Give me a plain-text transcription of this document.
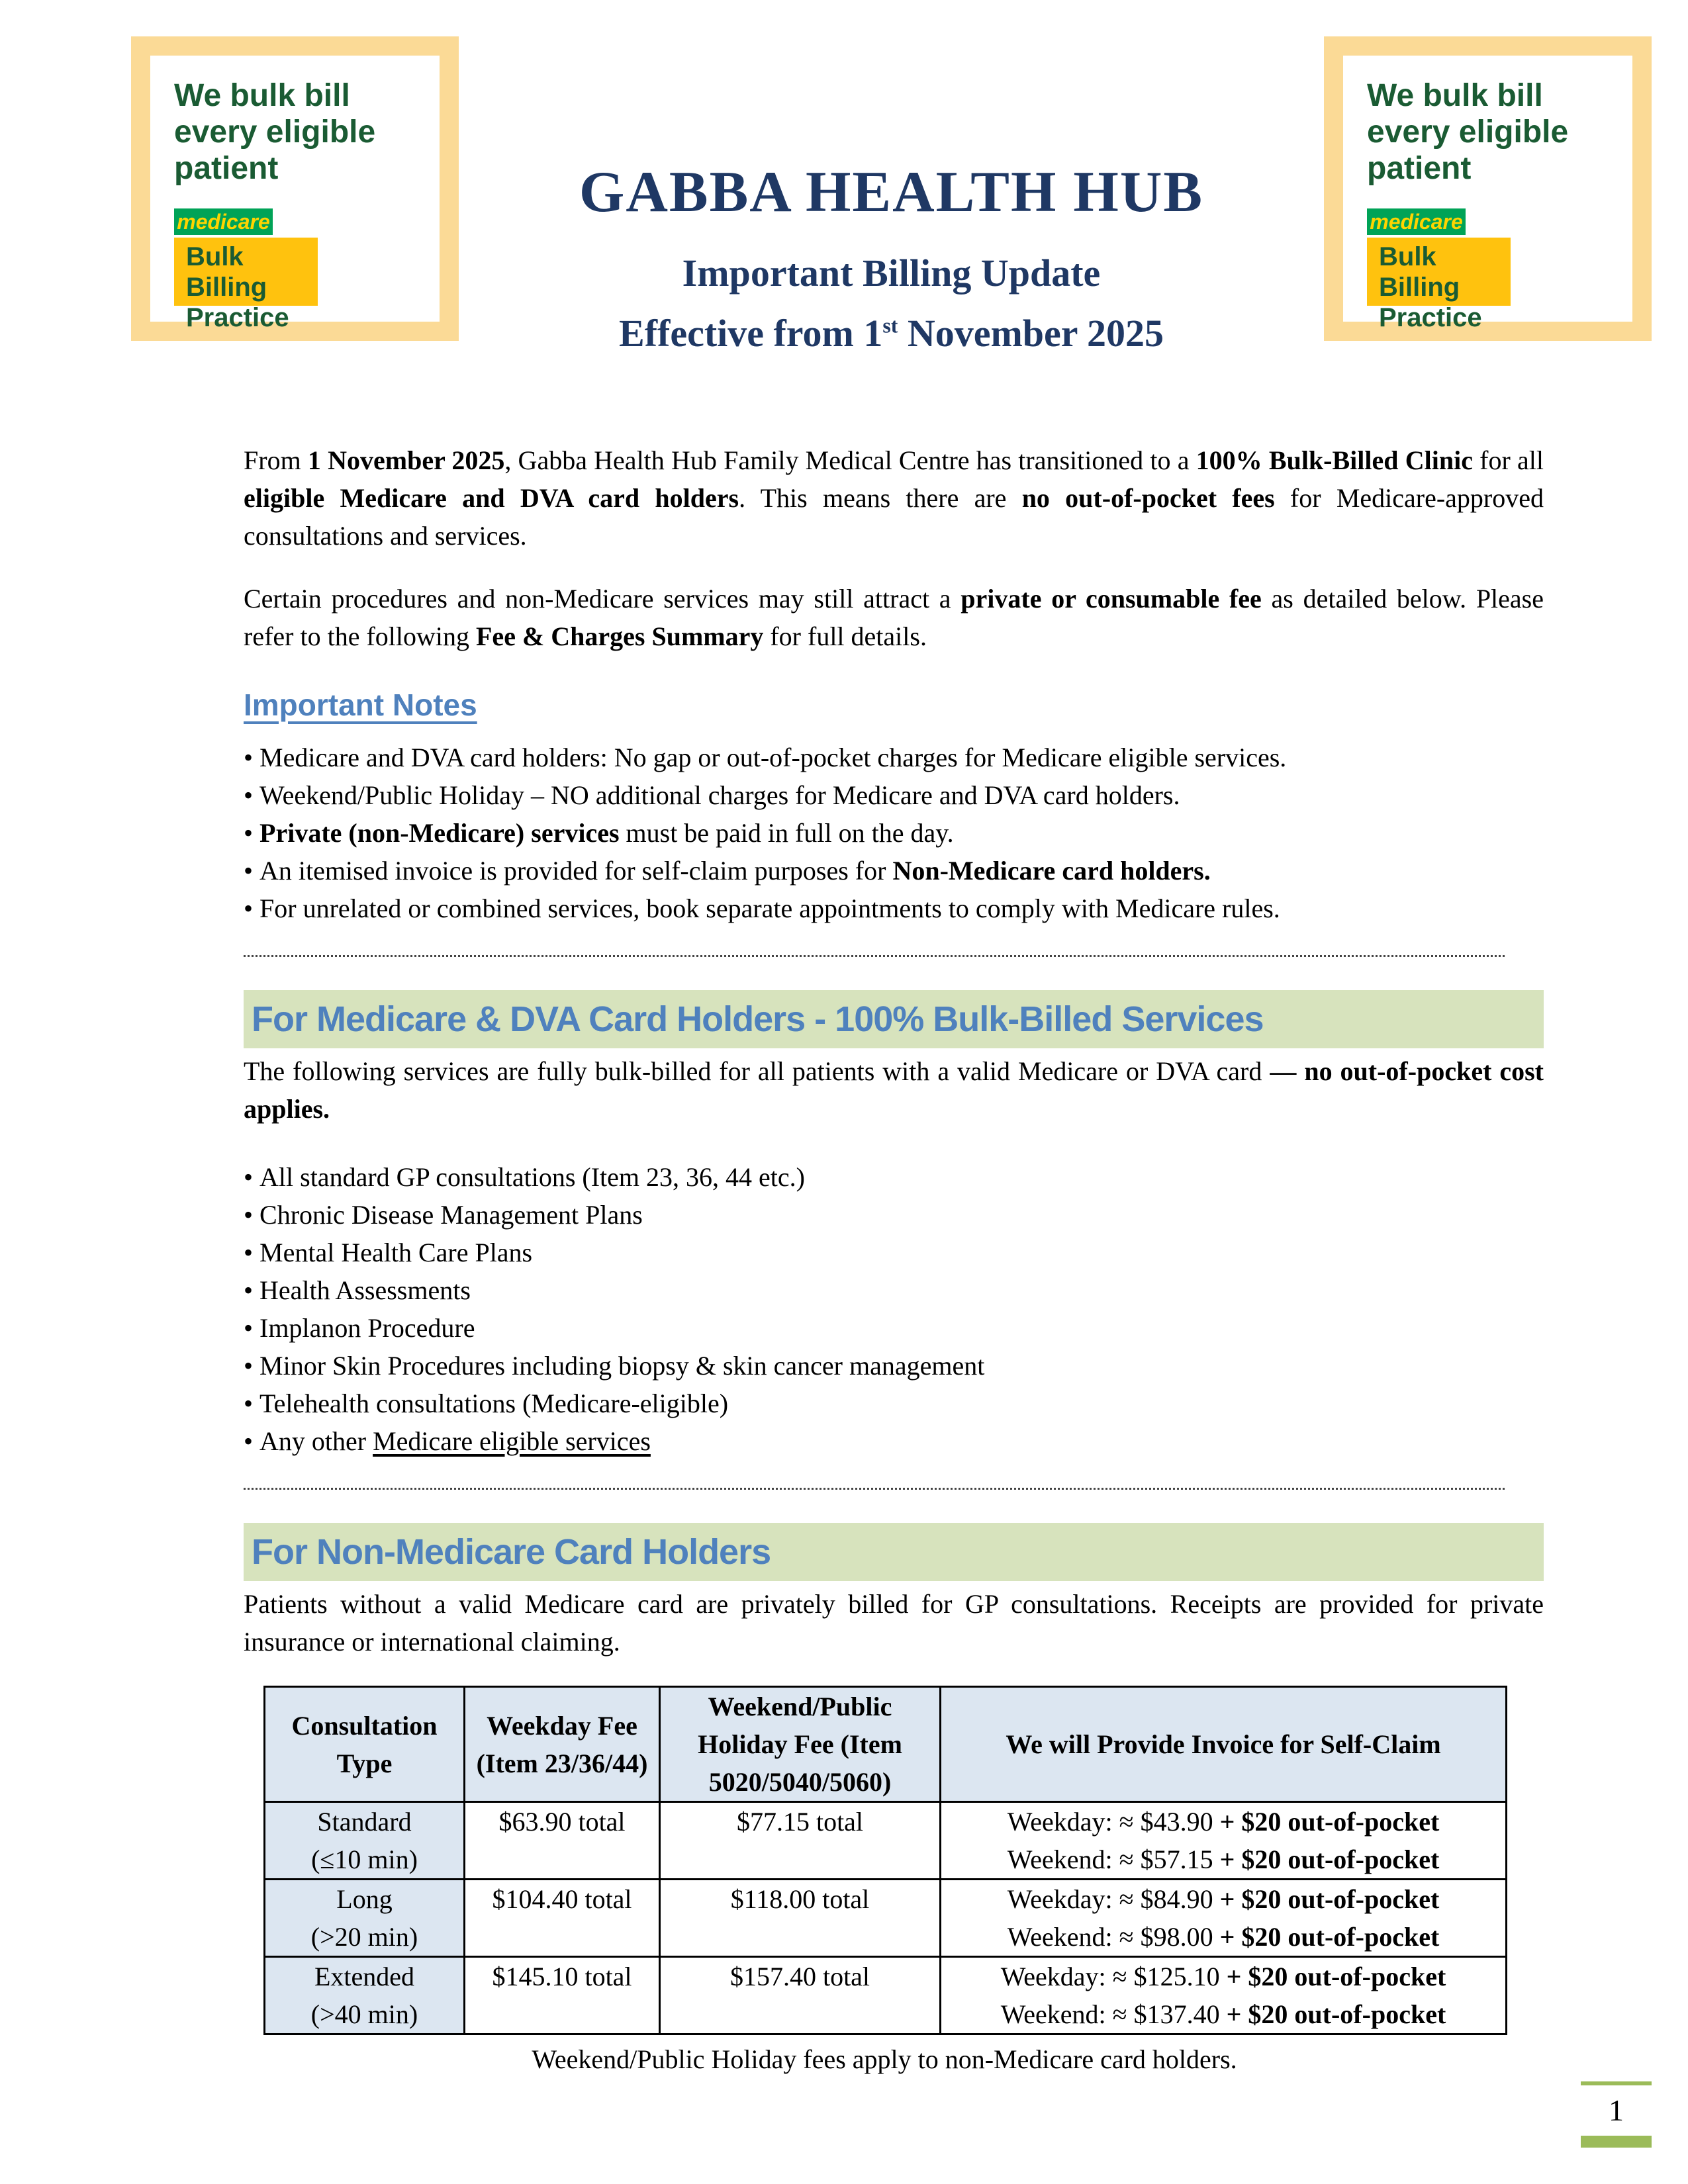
We bulk bill every eligible patient
medicare
Bulk Billing Practice
GABBA HEALTH HUB
Important Billing Update
Effective from 1st November 2025
We bulk bill every eligible patient
medicare
Bulk Billing Practice

From 1 November 2025, Gabba Health Hub Family Medical Centre has transitioned to a 100% Bulk-Billed Clinic for all eligible Medicare and DVA card holders. This means there are no out-of-pocket fees for Medicare-approved consultations and services.

Certain procedures and non-Medicare services may still attract a private or consumable fee as detailed below. Please refer to the following Fee & Charges Summary for full details.

Important Notes
• Medicare and DVA card holders: No gap or out-of-pocket charges for Medicare eligible services.
• Weekend/Public Holiday – NO additional charges for Medicare and DVA card holders.
• Private (non-Medicare) services must be paid in full on the day.
• An itemised invoice is provided for self-claim purposes for Non-Medicare card holders.
• For unrelated or combined services, book separate appointments to comply with Medicare rules.
For Medicare & DVA Card Holders - 100% Bulk-Billed Services

The following services are fully bulk-billed for all patients with a valid Medicare or DVA card — no out-of-pocket cost applies.

• All standard GP consultations (Item 23, 36, 44 etc.)
• Chronic Disease Management Plans
• Mental Health Care Plans
• Health Assessments
• Implanon Procedure
• Minor Skin Procedures including biopsy & skin cancer management
• Telehealth consultations (Medicare-eligible)
• Any other Medicare eligible services
For Non-Medicare Card Holders

Patients without a valid Medicare card are privately billed for GP consultations. Receipts are provided for private insurance or international claiming.

Consultation Type	Weekday Fee (Item 23/36/44)	Weekend/Public Holiday Fee (Item 5020/5040/5060)	We will Provide Invoice for Self-Claim

Standard
(≤10 min)
	$63.90 total	$77.15 total	Weekday: ≈ $43.90 + $20 out-of-pocket
Weekend: ≈ $57.15 + $20 out-of-pocket

Long
(>20 min)
	$104.40 total	$118.00 total	Weekday: ≈ $84.90 + $20 out-of-pocket
Weekend: ≈ $98.00 + $20 out-of-pocket

Extended
(>40 min)
	$145.10 total	$157.40 total	Weekday: ≈ $125.10 + $20 out-of-pocket
Weekend: ≈ $137.40 + $20 out-of-pocket
Weekend/Public Holiday fees apply to non-Medicare card holders.
1
